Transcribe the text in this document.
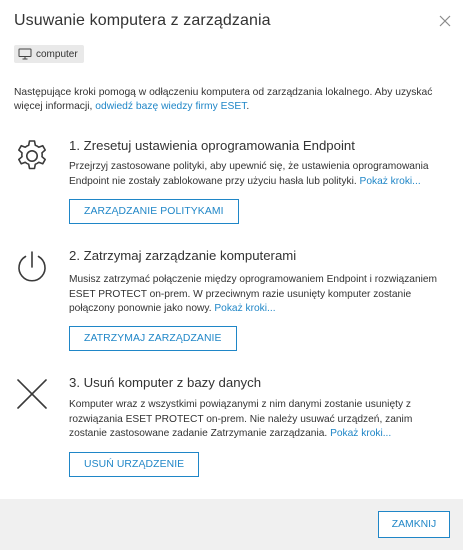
Usuwanie komputera z zarządzania
computer
Następujące kroki pomogą w odłączeniu komputera od zarządzania lokalnego. Aby uzyskać więcej informacji, odwiedź bazę wiedzy firmy ESET.
1. Zresetuj ustawienia oprogramowania Endpoint
Przejrzyj zastosowane polityki, aby upewnić się, że ustawienia oprogramowania Endpoint nie zostały zablokowane przy użyciu hasła lub polityki. Pokaż kroki...
ZARZĄDZANIE POLITYKAMI
2. Zatrzymaj zarządzanie komputerami
Musisz zatrzymać połączenie między oprogramowaniem Endpoint i rozwiązaniem ESET PROTECT on-prem. W przeciwnym razie usunięty komputer zostanie połączony ponownie jako nowy. Pokaż kroki...
ZATRZYMAJ ZARZĄDZANIE
3. Usuń komputer z bazy danych
Komputer wraz z wszystkimi powiązanymi z nim danymi zostanie usunięty z rozwiązania ESET PROTECT on-prem. Nie należy usuwać urządzeń, zanim zostanie zastosowane zadanie Zatrzymanie zarządzania. Pokaż kroki...
USUŃ URZĄDZENIE
ZAMKNIJ
